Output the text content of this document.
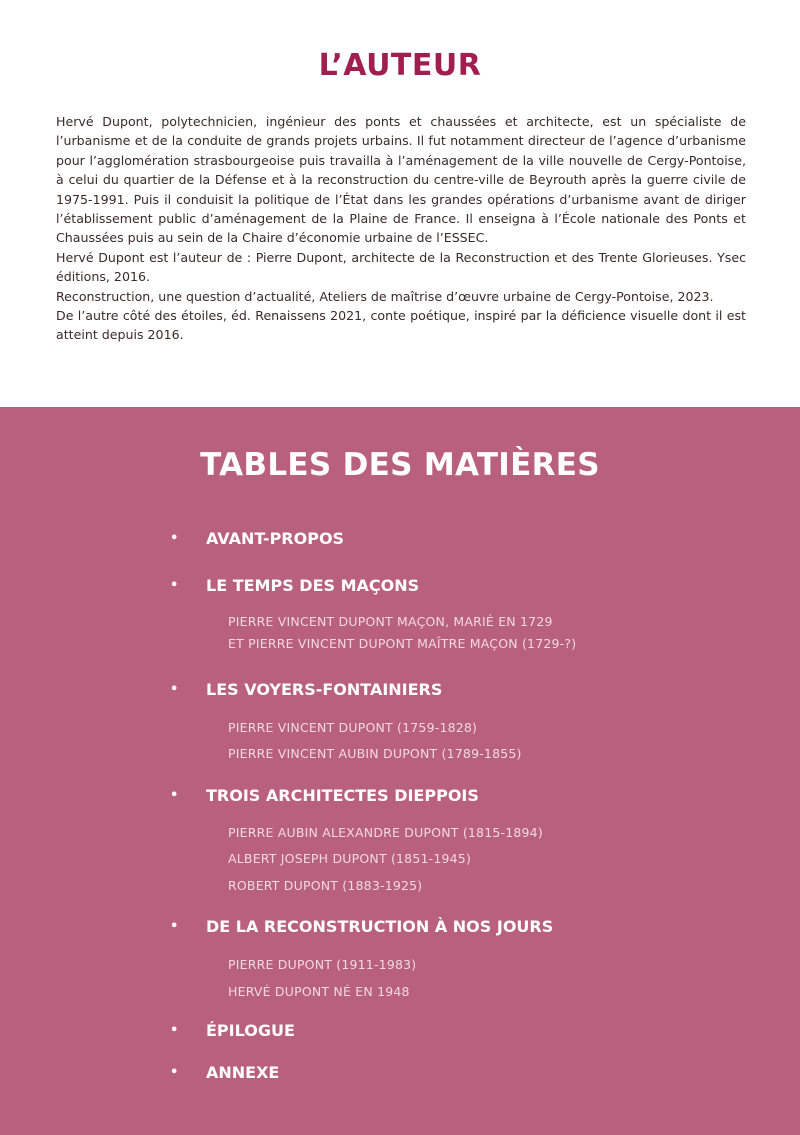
L’AUTEUR

Hervé Dupont, polytechnicien, ingénieur des ponts et chaussées et architecte, est un spécialiste de l’urbanisme et de la conduite de grands projets urbains. Il fut notamment directeur de l’agence d’urbanisme pour l’agglomération strasbourgeoise puis travailla à l’aménagement de la ville nouvelle de Cergy-Pontoise, à celui du quartier de la Défense et à la reconstruction du centre-ville de Beyrouth après la guerre civile de 1975-1991. Puis il conduisit la politique de l’État dans les grandes opérations d’urbanisme avant de diriger l’établissement public d’aménagement de la Plaine de France. Il enseigna à l’École nationale des Ponts et Chaussées puis au sein de la Chaire d’économie urbaine de l’ESSEC.

Hervé Dupont est l’auteur de : Pierre Dupont, architecte de la Reconstruction et des Trente Glorieuses. Ysec éditions, 2016.

Reconstruction, une question d’actualité, Ateliers de maîtrise d’œuvre urbaine de Cergy-Pontoise, 2023.

De l’autre côté des étoiles, éd. Renaissens 2021, conte poétique, inspiré par la déficience visuelle dont il est atteint depuis 2016.

TABLES DES MATIÈRES
• AVANT-PROPOS
• LE TEMPS DES MAÇONS
PIERRE VINCENT DUPONT MAÇON, MARIÉ EN 1729
ET PIERRE VINCENT DUPONT MAÎTRE MAÇON (1729-?)
• LES VOYERS-FONTAINIERS
PIERRE VINCENT DUPONT (1759-1828)
PIERRE VINCENT AUBIN DUPONT (1789-1855)
• TROIS ARCHITECTES DIEPPOIS
PIERRE AUBIN ALEXANDRE DUPONT (1815-1894)
ALBERT JOSEPH DUPONT (1851-1945)
ROBERT DUPONT (1883-1925)
• DE LA RECONSTRUCTION À NOS JOURS
PIERRE DUPONT (1911-1983)
HERVÉ DUPONT NÉ EN 1948
• ÉPILOGUE
• ANNEXE
